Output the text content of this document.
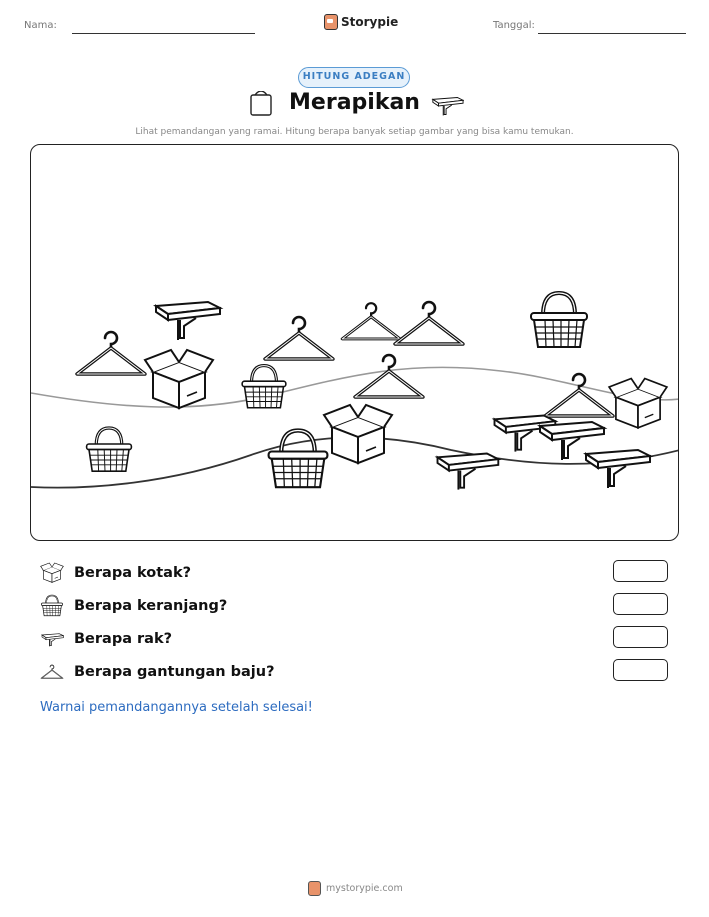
Nama:	Storypie	Tanggal:
HITUNG ADEGAN
Merapikan
Lihat pemandangan yang ramai. Hitung berapa banyak setiap gambar yang bisa kamu temukan.
Berapa kotak?
Berapa keranjang?
Berapa rak?
Berapa gantungan baju?
Warnai pemandangannya setelah selesai!
mystorypie.com
